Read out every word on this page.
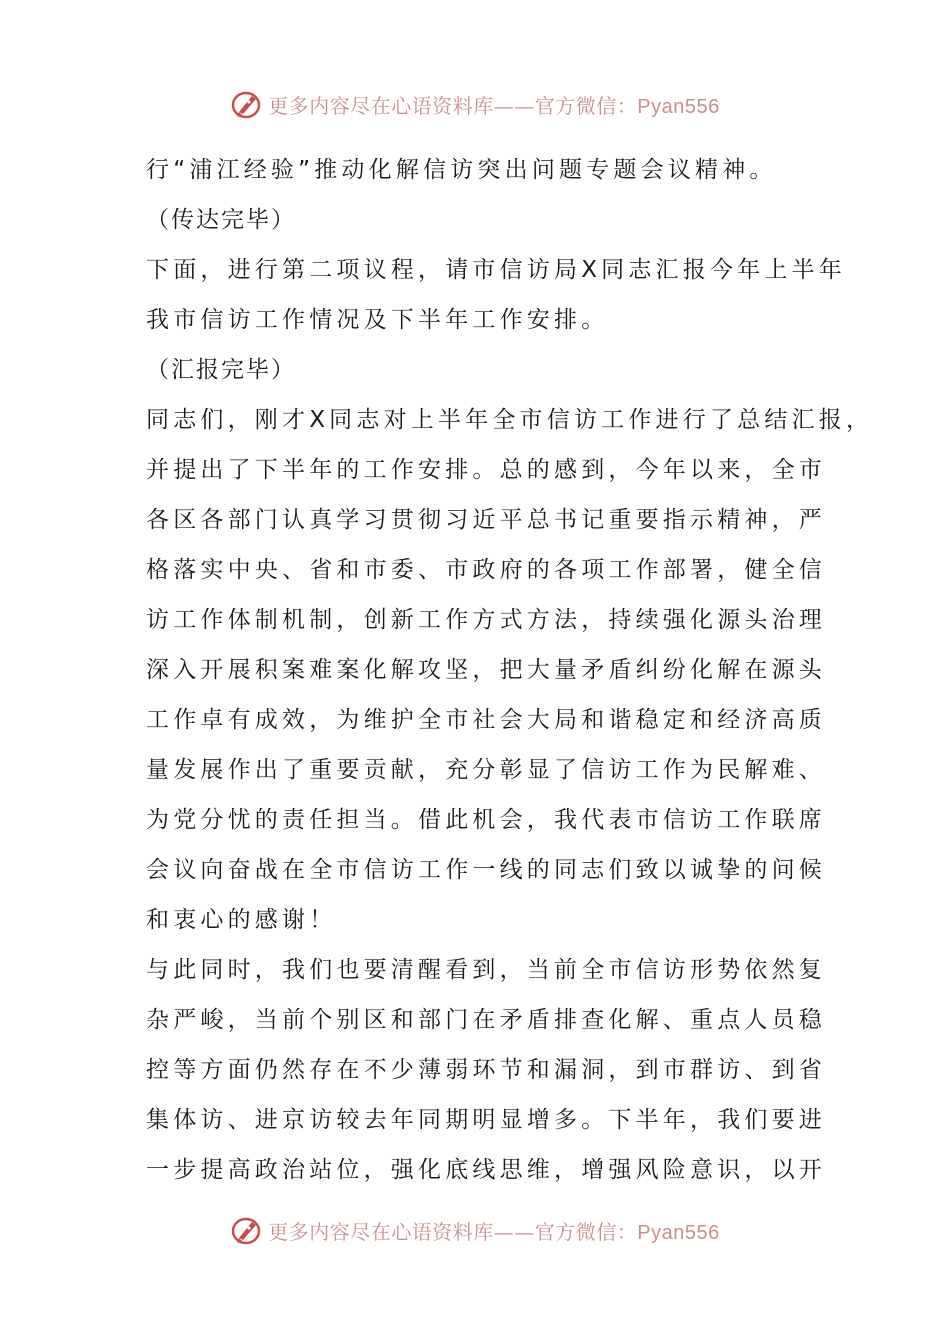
更多内容尽在心语资料库——官方微信：Pyan556
行“浦江经验”推动化解信访突出问题专题会议精神。
（传达完毕）
下面，进行第二项议程，请市信访局X同志汇报今年上半年
我市信访工作情况及下半年工作安排。
（汇报完毕）
同志们，刚才X同志对上半年全市信访工作进行了总结汇报，
并提出了下半年的工作安排。总的感到，今年以来，全市
各区各部门认真学习贯彻习近平总书记重要指示精神，严
格落实中央、省和市委、市政府的各项工作部署，健全信
访工作体制机制，创新工作方式方法，持续强化源头治理
深入开展积案难案化解攻坚，把大量矛盾纠纷化解在源头
工作卓有成效，为维护全市社会大局和谐稳定和经济高质
量发展作出了重要贡献，充分彰显了信访工作为民解难、
为党分忧的责任担当。借此机会，我代表市信访工作联席
会议向奋战在全市信访工作一线的同志们致以诚挚的问候
和衷心的感谢！
与此同时，我们也要清醒看到，当前全市信访形势依然复
杂严峻，当前个别区和部门在矛盾排查化解、重点人员稳
控等方面仍然存在不少薄弱环节和漏洞，到市群访、到省
集体访、进京访较去年同期明显增多。下半年，我们要进
一步提高政治站位，强化底线思维，增强风险意识，以开
更多内容尽在心语资料库——官方微信：Pyan556
